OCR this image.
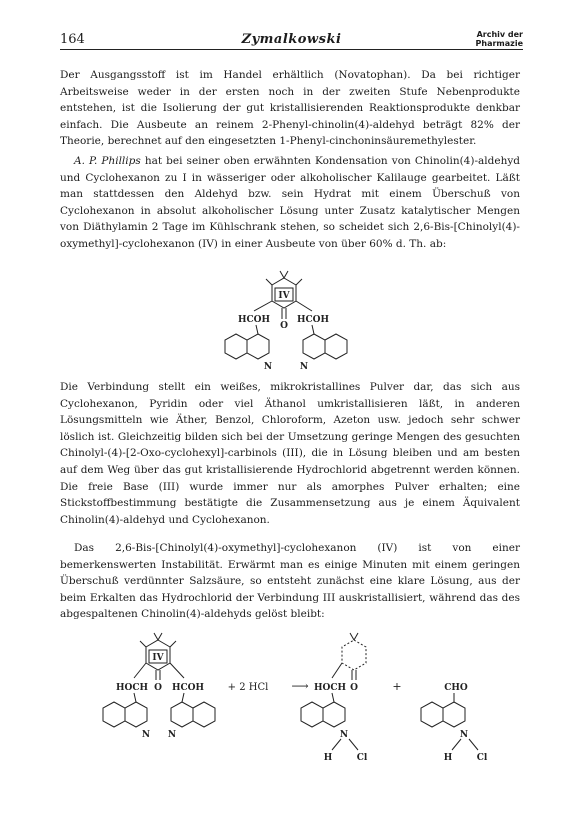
164	Zymalkowski	Archiv der
Pharmazie

Der Ausgangsstoff ist im Handel erhältlich (Novatophan). Da bei richtiger Arbeitsweise weder in der ersten noch in der zweiten Stufe Nebenprodukte entstehen, ist die Isolierung der gut kristallisierenden Reaktionsprodukte denkbar einfach. Die Ausbeute an reinem 2-Phenyl-chinolin(4)-aldehyd beträgt 82% der Theorie, berechnet auf den eingesetzten 1-Phenyl-cinchoninsäuremethylester.

A. P. Phillips hat bei seiner oben erwähnten Kondensation von Chinolin(4)-aldehyd und Cyclohexanon zu I in wässeriger oder alkoholischer Kalilauge gearbeitet. Läßt man stattdessen den Aldehyd bzw. sein Hydrat mit einem Überschuß von Cyclohexanon in absolut alkoholischer Lösung unter Zusatz katalytischer Mengen von Diäthylamin 2 Tage im Kühlschrank stehen, so scheidet sich 2,6-Bis-[Chinolyl(4)-oxymethyl]-cyclohexanon (IV) in einer Ausbeute von über 60% d. Th. ab:

IV
HCOH	HCOH
O
N	N

Die Verbindung stellt ein weißes, mikrokristallines Pulver dar, das sich aus Cyclohexanon, Pyridin oder viel Äthanol umkristallisieren läßt, in anderen Lösungsmitteln wie Äther, Benzol, Chloroform, Azeton usw. jedoch sehr schwer löslich ist. Gleichzeitig bilden sich bei der Umsetzung geringe Mengen des gesuchten Chinolyl-(4)-[2-Oxo-cyclohexyl]-carbinols (III), die in Lösung bleiben und am besten auf dem Weg über das gut kristallisierende Hydrochlorid abgetrennt werden können. Die freie Base (III) wurde immer nur als amorphes Pulver erhalten; eine Stickstoffbestimmung bestätigte die Zusammensetzung aus je einem Äquivalent Chinolin(4)-aldehyd und Cyclohexanon.

Das 2,6-Bis-[Chinolyl(4)-oxymethyl]-cyclohexanon (IV) ist von einer bemerkenswerten Instabilität. Erwärmt man es einige Minuten mit einem geringen Überschuß verdünnter Salzsäure, so entsteht zunächst eine klare Lösung, aus der beim Erkalten das Hydrochlorid der Verbindung III auskristallisiert, während das des abgespaltenen Chinolin(4)-aldehyds gelöst bleibt:

IV
HOCH	HCOH
O
N N
+ 2 HCl ⟶ HOCH O
N
H	Cl
+	CHO
N
H	Cl
